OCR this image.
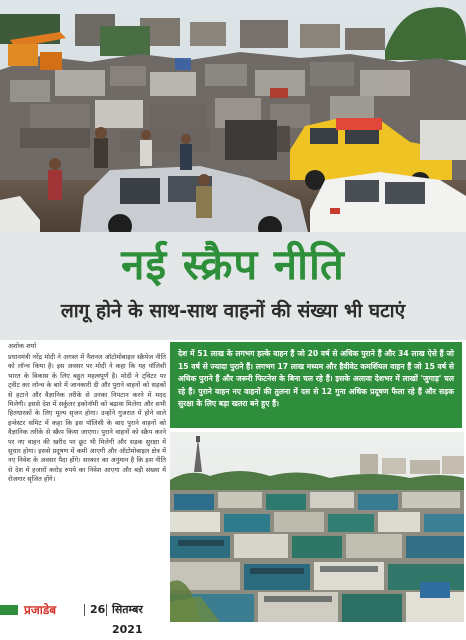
नई स्क्रैप नीति
लागू होने के साथ-साथ वाहनों की संख्या भी घटाएं
अशोक शर्मा

प्रधानमंत्री नरेंद्र मोदी ने अगस्त में नैशनल ऑटोमोबाइल स्क्रैपेज नीति को लॉन्च किया है। इस अवसर पर मोदी ने कहा कि यह पॉलिसी भारत के विकास के लिए बहुत महत्वपूर्ण है। मोदी ने ट्विटर पर ट्वीट कर लॉन्च के बारे में जानकारी दी और पुराने वाहनों को सड़कों से हटाने और वैज्ञानिक तरीके से उनका निपटान करने में मदद मिलेगी। इससे देश में सर्कुलर इकोनॉमी को बढ़ावा मिलेगा और सभी हितधारकों के लिए मूल्य सृजन होगा। उन्होंने गुजरात में होने वाले इन्वेस्टर समिट में कहा कि इस पॉलिसी के बाद पुराने वाहनों को वैज्ञानिक तरीके से स्क्रैप किया जाएगा। पुराने वाहनों को स्क्रैप करने पर नए वाहन की खरीद पर छूट भी मिलेगी और सड़क सुरक्षा में सुधार होगा। इससे प्रदूषण में कमी आएगी और ऑटोमोबाइल क्षेत्र में नए निवेश के अवसर पैदा होंगे। सरकार का अनुमान है कि इस नीति से देश में हजारों करोड़ रुपये का निवेश आएगा और बड़ी संख्या में रोजगार सृजित होंगे।

देश में 51 लाख के लगभग हल्के वाहन हैं जो 20 वर्ष से अधिक पुराने हैं और 34 लाख ऐसे हैं जो 15 वर्ष से ज्यादा पुराने हैं। लगभग 17 लाख मध्यम और हैवीवेट कमर्शियल वाहन हैं जो 15 वर्ष से अधिक पुराने हैं और जरूरी फिटनेस के बिना चल रहे हैं। इसके अलावा देशभर में लाखों 'जुगाड़' चल रहे हैं। पुराने वाहन नए वाहनों की तुलना में दस से 12 गुना अधिक प्रदूषण फैला रहे हैं और सड़क सुरक्षा के लिए बड़ा खतरा बने हुए हैं।

प्रजाडेब	26 सितम्बर 2021
